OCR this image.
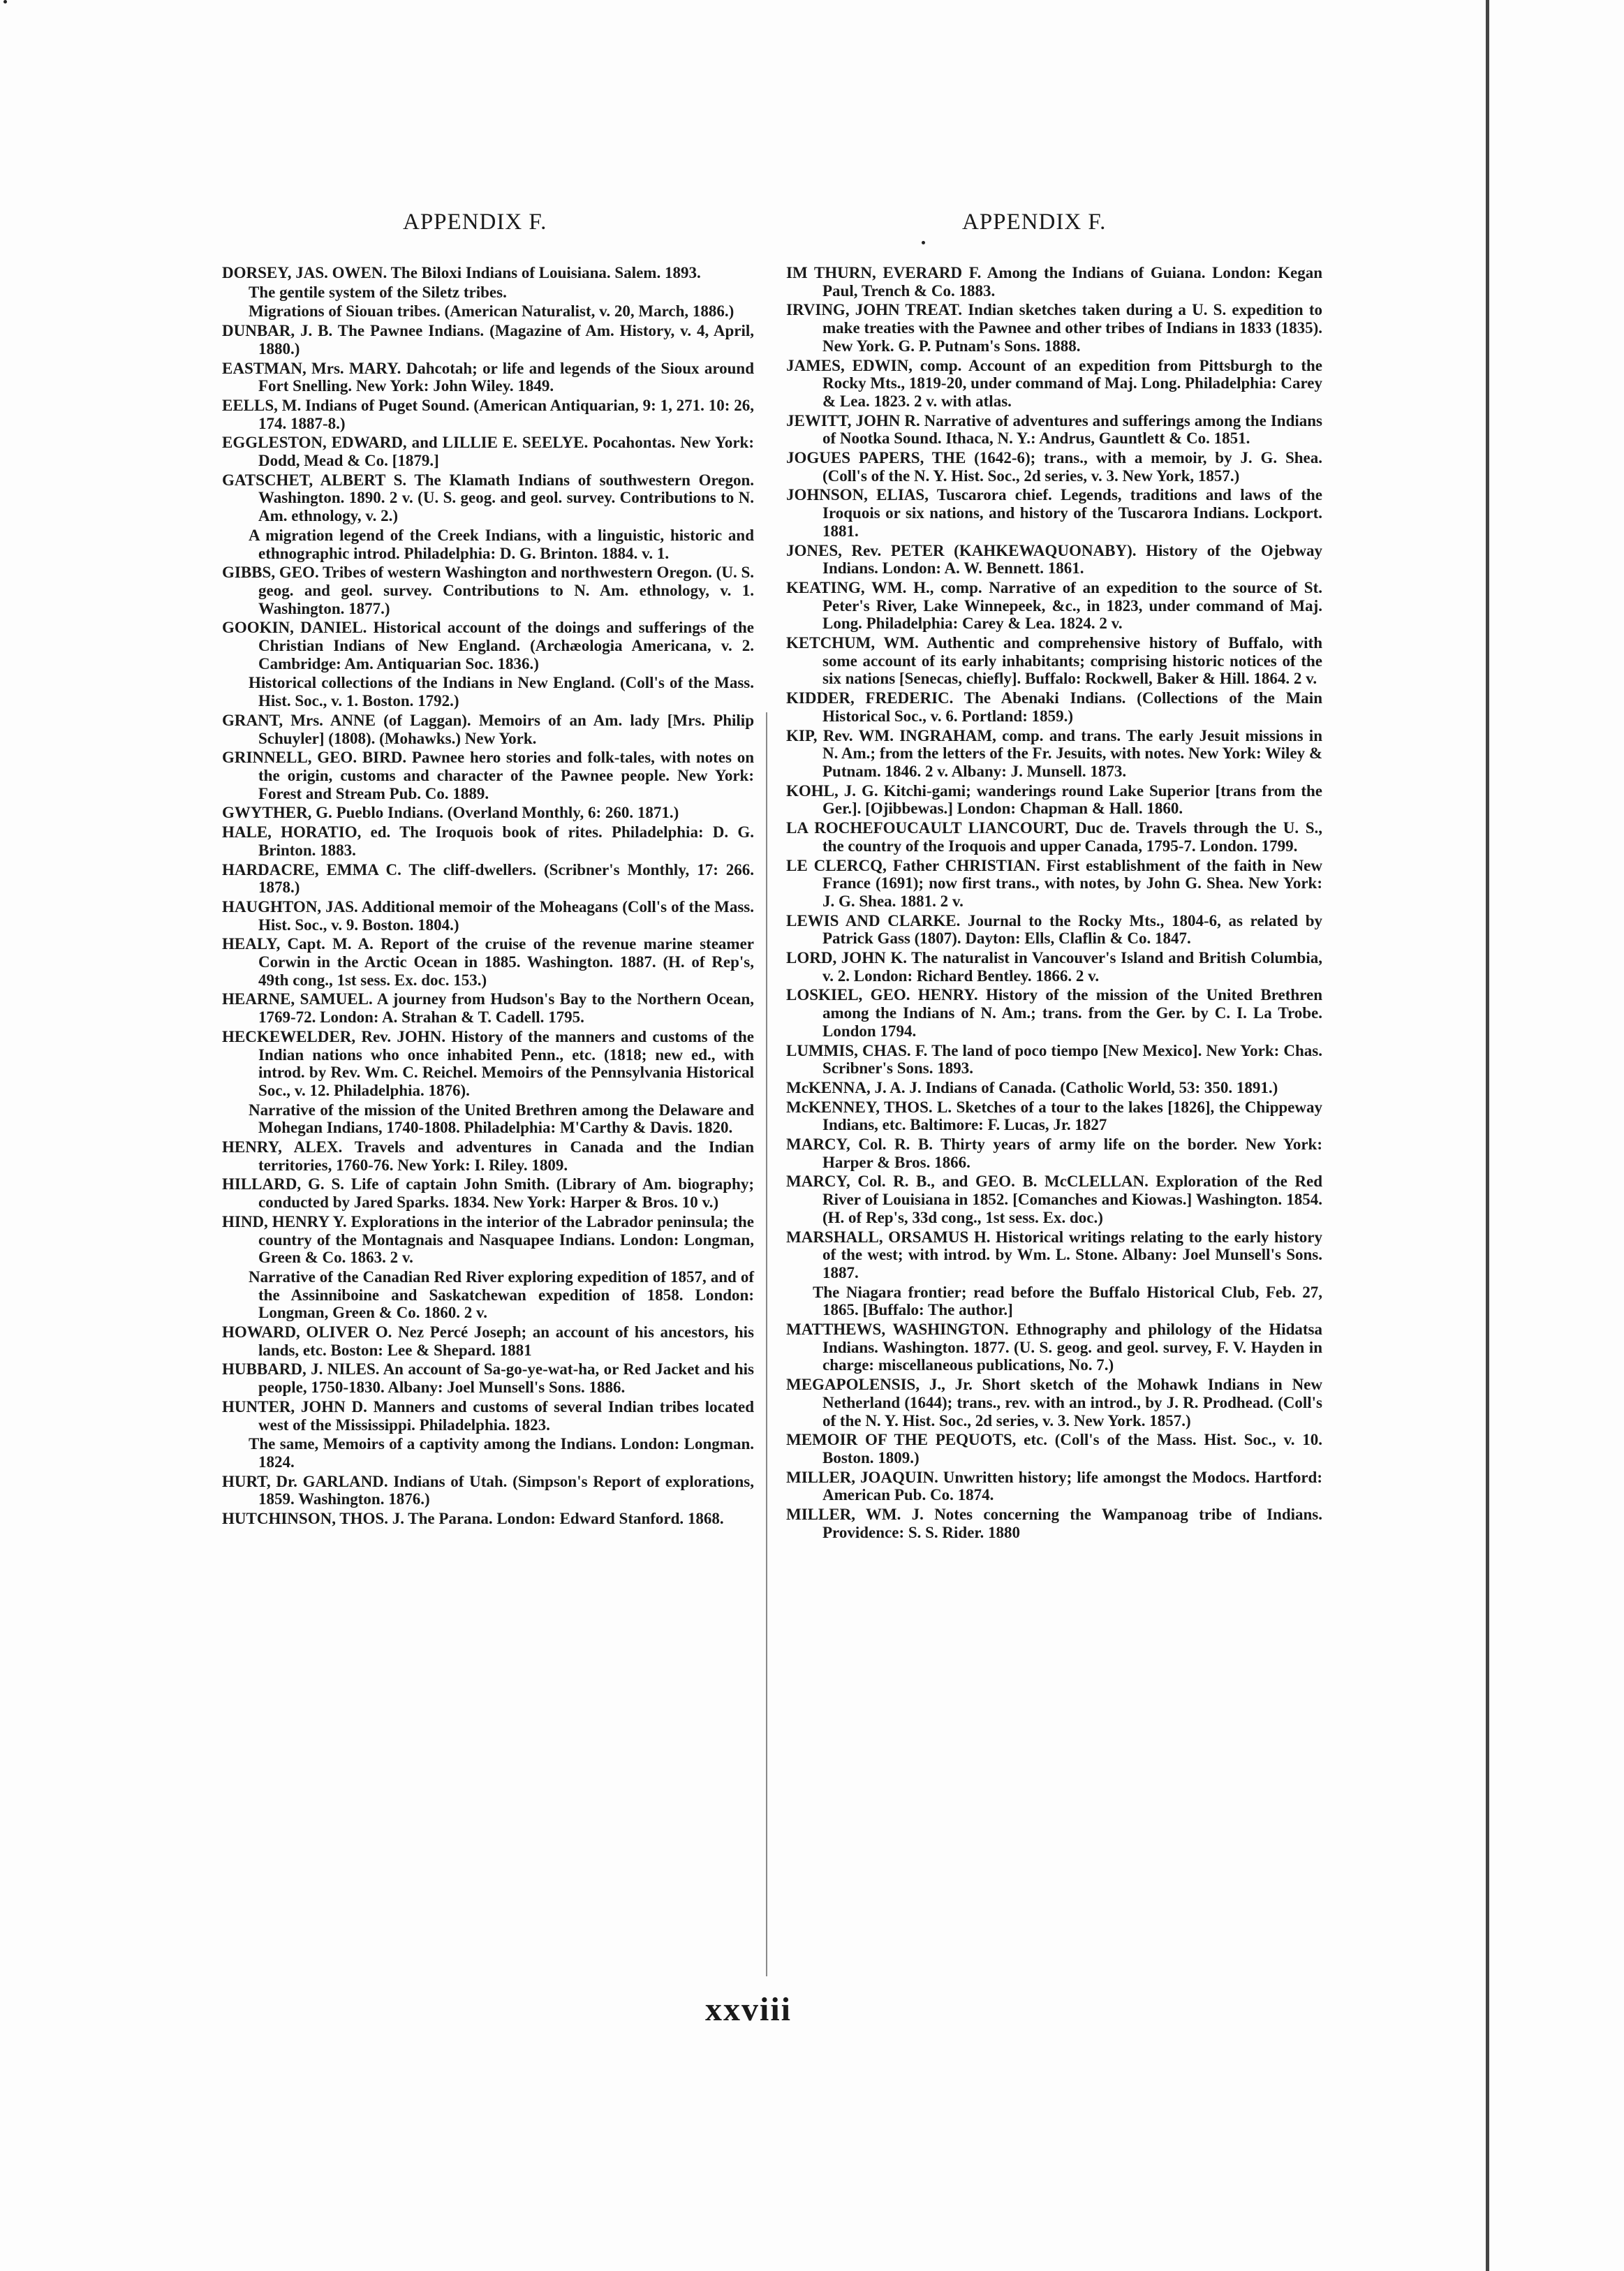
APPENDIX F.	APPENDIX F.

DORSEY, JAS. OWEN. The Biloxi Indians of Louisiana. Salem. 1893.

The gentile system of the Siletz tribes.

Migrations of Siouan tribes. (American Naturalist, v. 20, March, 1886.)

DUNBAR, J. B. The Pawnee Indians. (Magazine of Am. History, v. 4, April, 1880.)

EASTMAN, Mrs. MARY. Dahcotah; or life and legends of the Sioux around Fort Snelling. New York: John Wiley. 1849.

EELLS, M. Indians of Puget Sound. (American Antiquarian, 9: 1, 271. 10: 26, 174. 1887-8.)

EGGLESTON, EDWARD, and LILLIE E. SEELYE. Pocahontas. New York: Dodd, Mead & Co. [1879.]

GATSCHET, ALBERT S. The Klamath Indians of southwestern Oregon. Washington. 1890. 2 v. (U. S. geog. and geol. survey. Contributions to N. Am. ethnology, v. 2.)

A migration legend of the Creek Indians, with a linguistic, historic and ethnographic introd. Philadelphia: D. G. Brinton. 1884. v. 1.

GIBBS, GEO. Tribes of western Washington and northwestern Oregon. (U. S. geog. and geol. survey. Contributions to N. Am. ethnology, v. 1. Washington. 1877.)

GOOKIN, DANIEL. Historical account of the doings and sufferings of the Christian Indians of New England. (Archæologia Americana, v. 2. Cambridge: Am. Antiquarian Soc. 1836.)

Historical collections of the Indians in New England. (Coll's of the Mass. Hist. Soc., v. 1. Boston. 1792.)

GRANT, Mrs. ANNE (of Laggan). Memoirs of an Am. lady [Mrs. Philip Schuyler] (1808). (Mohawks.) New York.

GRINNELL, GEO. BIRD. Pawnee hero stories and folk-tales, with notes on the origin, customs and character of the Pawnee people. New York: Forest and Stream Pub. Co. 1889.

GWYTHER, G. Pueblo Indians. (Overland Monthly, 6: 260. 1871.)

HALE, HORATIO, ed. The Iroquois book of rites. Philadelphia: D. G. Brinton. 1883.

HARDACRE, EMMA C. The cliff-dwellers. (Scribner's Monthly, 17: 266. 1878.)

HAUGHTON, JAS. Additional memoir of the Moheagans (Coll's of the Mass. Hist. Soc., v. 9. Boston. 1804.)

HEALY, Capt. M. A. Report of the cruise of the revenue marine steamer Corwin in the Arctic Ocean in 1885. Washington. 1887. (H. of Rep's, 49th cong., 1st sess. Ex. doc. 153.)

HEARNE, SAMUEL. A journey from Hudson's Bay to the Northern Ocean, 1769-72. London: A. Strahan & T. Cadell. 1795.

HECKEWELDER, Rev. JOHN. History of the manners and customs of the Indian nations who once inhabited Penn., etc. (1818; new ed., with introd. by Rev. Wm. C. Reichel. Memoirs of the Pennsylvania Historical Soc., v. 12. Philadelphia. 1876).

Narrative of the mission of the United Brethren among the Delaware and Mohegan Indians, 1740-1808. Philadelphia: M'Carthy & Davis. 1820.

HENRY, ALEX. Travels and adventures in Canada and the Indian territories, 1760-76. New York: I. Riley. 1809.

HILLARD, G. S. Life of captain John Smith. (Library of Am. biography; conducted by Jared Sparks. 1834. New York: Harper & Bros. 10 v.)

HIND, HENRY Y. Explorations in the interior of the Labrador peninsula; the country of the Montagnais and Nasquapee Indians. London: Longman, Green & Co. 1863. 2 v.

Narrative of the Canadian Red River exploring expedition of 1857, and of the Assinniboine and Saskatchewan expedition of 1858. London: Longman, Green & Co. 1860. 2 v.

HOWARD, OLIVER O. Nez Percé Joseph; an account of his ancestors, his lands, etc. Boston: Lee & Shepard. 1881

HUBBARD, J. NILES. An account of Sa-go-ye-wat-ha, or Red Jacket and his people, 1750-1830. Albany: Joel Munsell's Sons. 1886.

HUNTER, JOHN D. Manners and customs of several Indian tribes located west of the Mississippi. Philadelphia. 1823.

The same, Memoirs of a captivity among the Indians. London: Longman. 1824.

HURT, Dr. GARLAND. Indians of Utah. (Simpson's Report of explorations, 1859. Washington. 1876.)

HUTCHINSON, THOS. J. The Parana. London: Edward Stanford. 1868.

IM THURN, EVERARD F. Among the Indians of Guiana. London: Kegan Paul, Trench & Co. 1883.

IRVING, JOHN TREAT. Indian sketches taken during a U. S. expedition to make treaties with the Pawnee and other tribes of Indians in 1833 (1835). New York. G. P. Putnam's Sons. 1888.

JAMES, EDWIN, comp. Account of an expedition from Pittsburgh to the Rocky Mts., 1819-20, under command of Maj. Long. Philadelphia: Carey & Lea. 1823. 2 v. with atlas.

JEWITT, JOHN R. Narrative of adventures and sufferings among the Indians of Nootka Sound. Ithaca, N. Y.: Andrus, Gauntlett & Co. 1851.

JOGUES PAPERS, THE (1642-6); trans., with a memoir, by J. G. Shea. (Coll's of the N. Y. Hist. Soc., 2d series, v. 3. New York, 1857.)

JOHNSON, ELIAS, Tuscarora chief. Legends, traditions and laws of the Iroquois or six nations, and history of the Tuscarora Indians. Lockport. 1881.

JONES, Rev. PETER (KAHKEWAQUONABY). History of the Ojebway Indians. London: A. W. Bennett. 1861.

KEATING, WM. H., comp. Narrative of an expedition to the source of St. Peter's River, Lake Winnepeek, &c., in 1823, under command of Maj. Long. Philadelphia: Carey & Lea. 1824. 2 v.

KETCHUM, WM. Authentic and comprehensive history of Buffalo, with some account of its early inhabitants; comprising historic notices of the six nations [Senecas, chiefly]. Buffalo: Rockwell, Baker & Hill. 1864. 2 v.

KIDDER, FREDERIC. The Abenaki Indians. (Collections of the Main Historical Soc., v. 6. Portland: 1859.)

KIP, Rev. WM. INGRAHAM, comp. and trans. The early Jesuit missions in N. Am.; from the letters of the Fr. Jesuits, with notes. New York: Wiley & Putnam. 1846. 2 v. Albany: J. Munsell. 1873.

KOHL, J. G. Kitchi-gami; wanderings round Lake Superior [trans from the Ger.]. [Ojibbewas.] London: Chapman & Hall. 1860.

LA ROCHEFOUCAULT LIANCOURT, Duc de. Travels through the U. S., the country of the Iroquois and upper Canada, 1795-7. London. 1799.

LE CLERCQ, Father CHRISTIAN. First establishment of the faith in New France (1691); now first trans., with notes, by John G. Shea. New York: J. G. Shea. 1881. 2 v.

LEWIS AND CLARKE. Journal to the Rocky Mts., 1804-6, as related by Patrick Gass (1807). Dayton: Ells, Claflin & Co. 1847.

LORD, JOHN K. The naturalist in Vancouver's Island and British Columbia, v. 2. London: Richard Bentley. 1866. 2 v.

LOSKIEL, GEO. HENRY. History of the mission of the United Brethren among the Indians of N. Am.; trans. from the Ger. by C. I. La Trobe. London 1794.

LUMMIS, CHAS. F. The land of poco tiempo [New Mexico]. New York: Chas. Scribner's Sons. 1893.

McKENNA, J. A. J. Indians of Canada. (Catholic World, 53: 350. 1891.)

McKENNEY, THOS. L. Sketches of a tour to the lakes [1826], the Chippeway Indians, etc. Baltimore: F. Lucas, Jr. 1827

MARCY, Col. R. B. Thirty years of army life on the border. New York: Harper & Bros. 1866.

MARCY, Col. R. B., and GEO. B. McCLELLAN. Exploration of the Red River of Louisiana in 1852. [Comanches and Kiowas.] Washington. 1854. (H. of Rep's, 33d cong., 1st sess. Ex. doc.)

MARSHALL, ORSAMUS H. Historical writings relating to the early history of the west; with introd. by Wm. L. Stone. Albany: Joel Munsell's Sons. 1887.

The Niagara frontier; read before the Buffalo Historical Club, Feb. 27, 1865. [Buffalo: The author.]

MATTHEWS, WASHINGTON. Ethnography and philology of the Hidatsa Indians. Washington. 1877. (U. S. geog. and geol. survey, F. V. Hayden in charge: miscellaneous publications, No. 7.)

MEGAPOLENSIS, J., Jr. Short sketch of the Mohawk Indians in New Netherland (1644); trans., rev. with an introd., by J. R. Prodhead. (Coll's of the N. Y. Hist. Soc., 2d series, v. 3. New York. 1857.)

MEMOIR OF THE PEQUOTS, etc. (Coll's of the Mass. Hist. Soc., v. 10. Boston. 1809.)

MILLER, JOAQUIN. Unwritten history; life amongst the Modocs. Hartford: American Pub. Co. 1874.

MILLER, WM. J. Notes concerning the Wampanoag tribe of Indians. Providence: S. S. Rider. 1880

xxviii
